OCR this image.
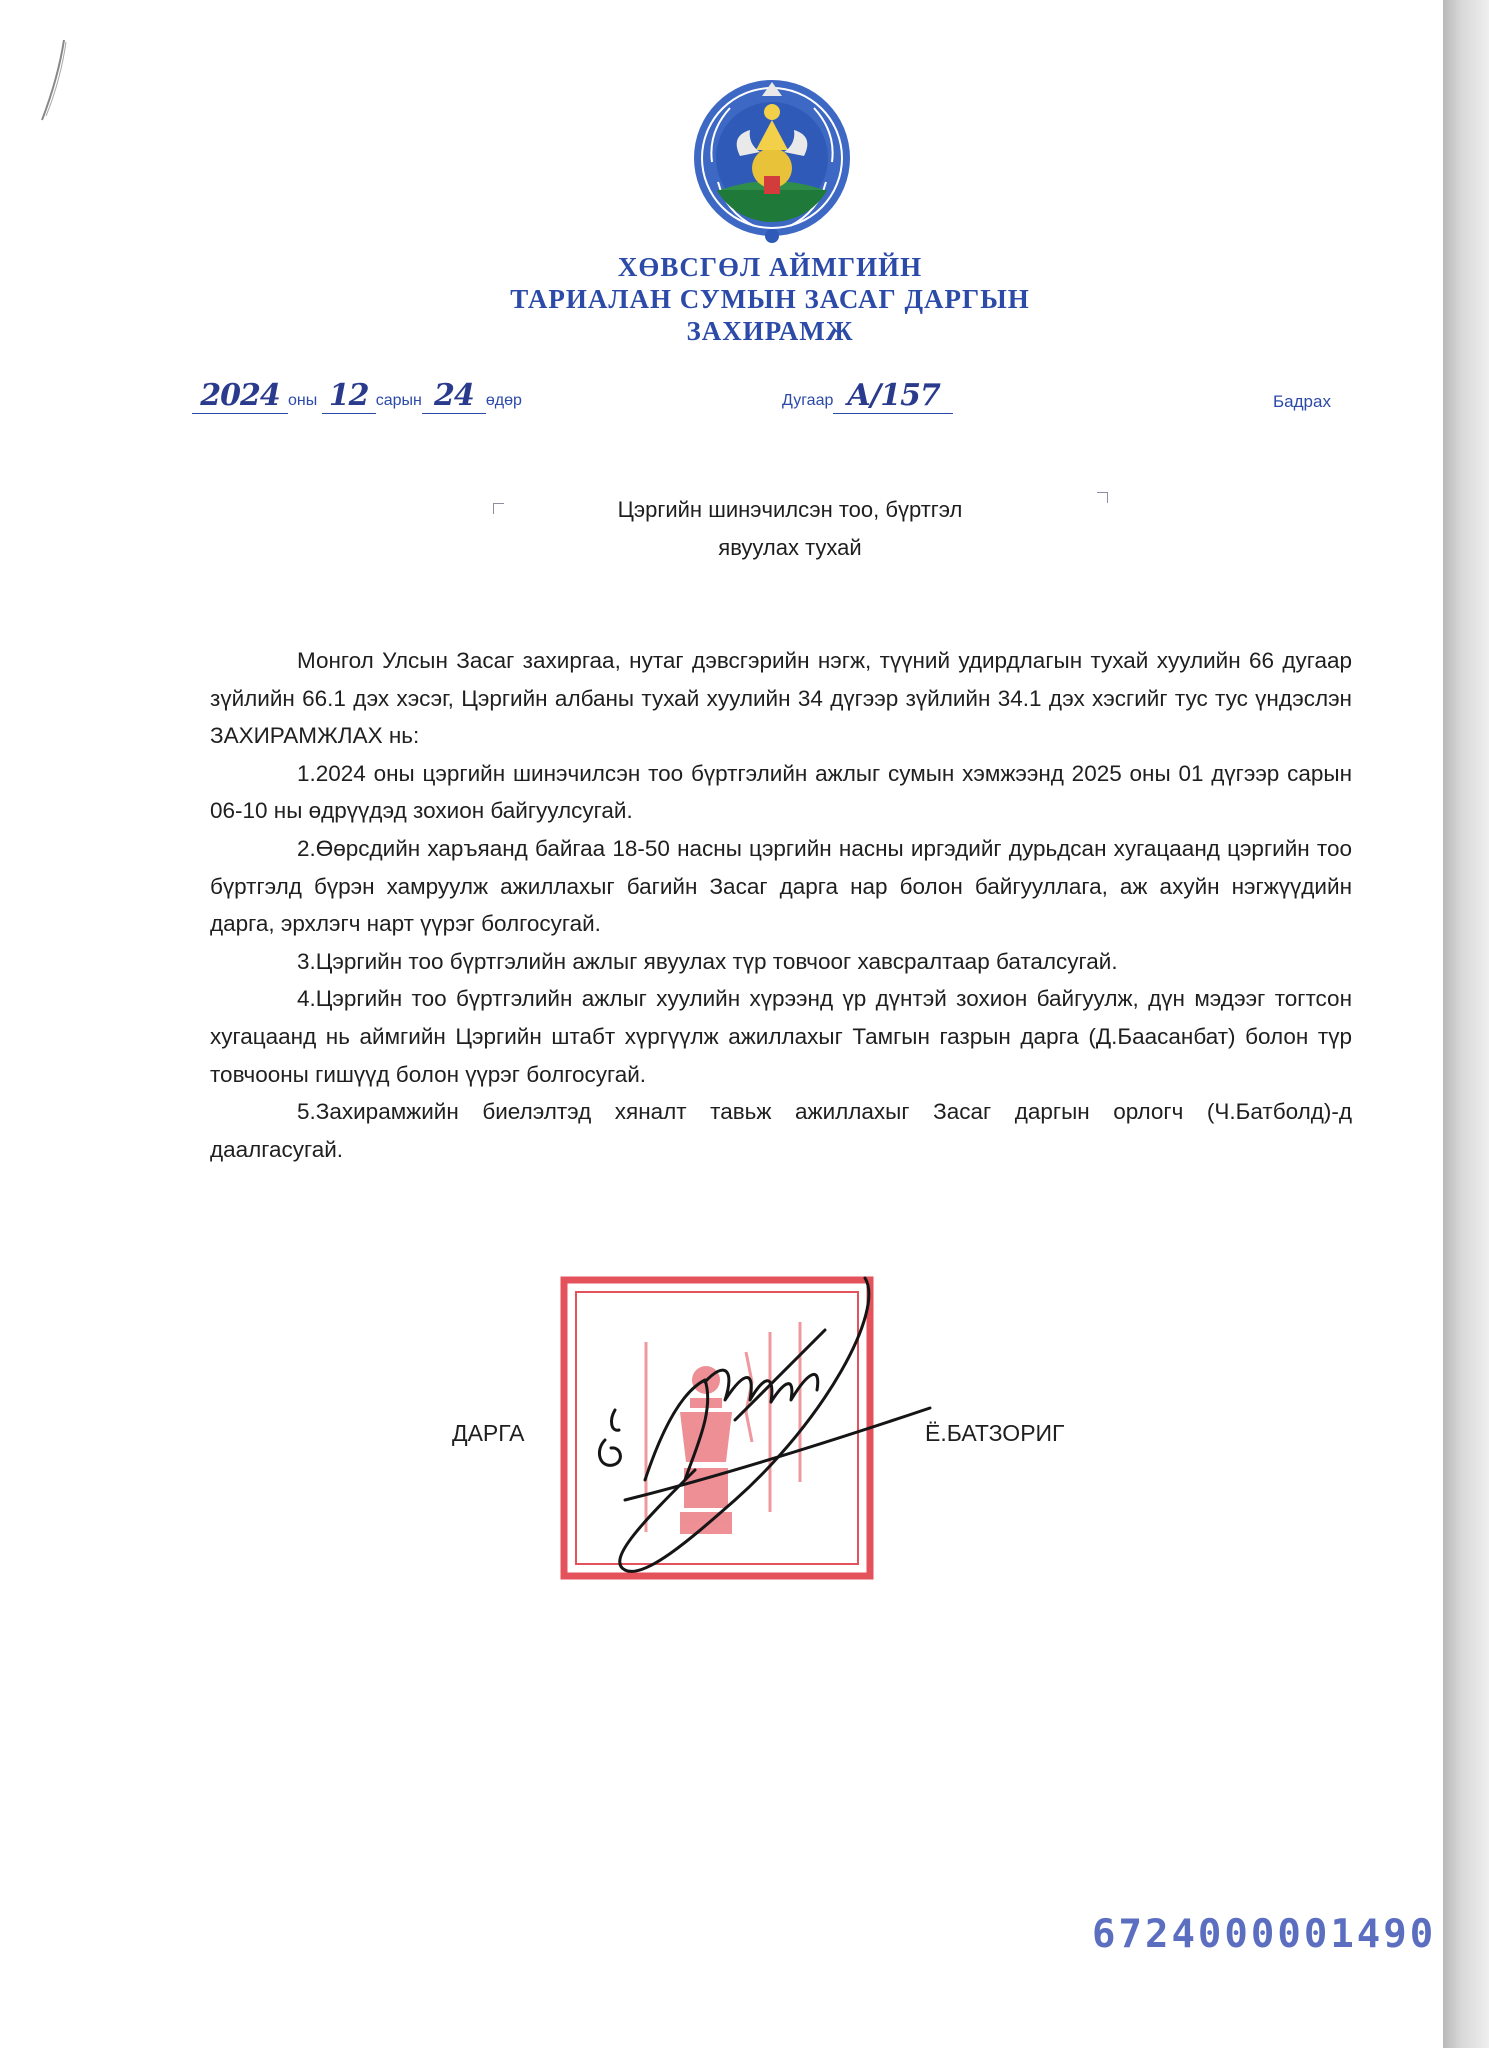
ХӨВСГӨЛ АЙМГИЙН
ТАРИАЛАН СУМЫН ЗАСАГ ДАРГЫН
ЗАХИРАМЖ
2024 оны 12 сарын 24 өдөр	Дугаар А/157	Бадрах
Цэргийн шинэчилсэн тоо, бүртгэл
явуулах тухай

Монгол Улсын Засаг захиргаа, нутаг дэвсгэрийн нэгж, түүний удирдлагын тухай хуулийн 66 дугаар зүйлийн 66.1 дэх хэсэг, Цэргийн албаны тухай хуулийн 34 дүгээр зүйлийн 34.1 дэх хэсгийг тус тус үндэслэн ЗАХИРАМЖЛАХ нь:

1.2024 оны цэргийн шинэчилсэн тоо бүртгэлийн ажлыг сумын хэмжээнд 2025 оны 01 дүгээр сарын 06-10 ны өдрүүдэд зохион байгуулсугай.

2.Өөрсдийн харъяанд байгаа 18-50 насны цэргийн насны иргэдийг дурьдсан хугацаанд цэргийн тоо бүртгэлд бүрэн хамруулж ажиллахыг багийн Засаг дарга нар болон байгууллага, аж ахуйн нэгжүүдийн дарга, эрхлэгч нарт үүрэг болгосугай.

3.Цэргийн тоо бүртгэлийн ажлыг явуулах түр товчоог хавсралтаар баталсугай.

4.Цэргийн тоо бүртгэлийн ажлыг хуулийн хүрээнд үр дүнтэй зохион байгуулж, дүн мэдээг тогтсон хугацаанд нь аймгийн Цэргийн штабт хүргүүлж ажиллахыг Тамгын газрын дарга (Д.Баасанбат) болон түр товчооны гишүүд болон үүрэг болгосугай.

5.Захирамжийн биелэлтэд хяналт тавьж ажиллахыг Засаг даргын орлогч (Ч.Батболд)-д даалгасугай.

ДАРГА	Ё.БАТЗОРИГ
6724000001490
